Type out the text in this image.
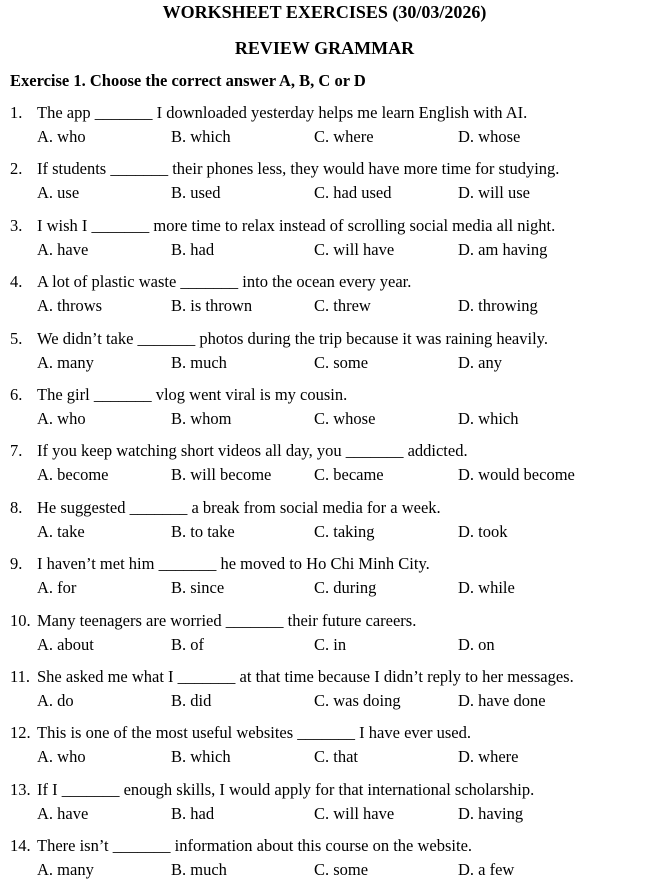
WORKSHEET EXERCISES (30/03/2026)
REVIEW GRAMMAR
Exercise 1. Choose the correct answer A, B, C or D
1. The app _______ I downloaded yesterday helps me learn English with AI.
A. who	B. which	C. where	D. whose
2. If students _______ their phones less, they would have more time for studying.
A. use	B. used	C. had used	D. will use
3. I wish I _______ more time to relax instead of scrolling social media all night.
A. have	B. had	C. will have	D. am having
4. A lot of plastic waste _______ into the ocean every year.
A. throws	B. is thrown	C. threw	D. throwing
5. We didn’t take _______ photos during the trip because it was raining heavily.
A. many	B. much	C. some	D. any
6. The girl _______ vlog went viral is my cousin.
A. who	B. whom	C. whose	D. which
7. If you keep watching short videos all day, you _______ addicted.
A. become	B. will become	C. became	D. would become
8. He suggested _______ a break from social media for a week.
A. take	B. to take	C. taking	D. took
9. I haven’t met him _______ he moved to Ho Chi Minh City.
A. for	B. since	C. during	D. while
10. Many teenagers are worried _______ their future careers.
A. about	B. of	C. in	D. on
11. She asked me what I _______ at that time because I didn’t reply to her messages.
A. do	B. did	C. was doing	D. have done
12. This is one of the most useful websites _______ I have ever used.
A. who	B. which	C. that	D. where
13. If I _______ enough skills, I would apply for that international scholarship.
A. have	B. had	C. will have	D. having
14. There isn’t _______ information about this course on the website.
A. many	B. much	C. some	D. a few
